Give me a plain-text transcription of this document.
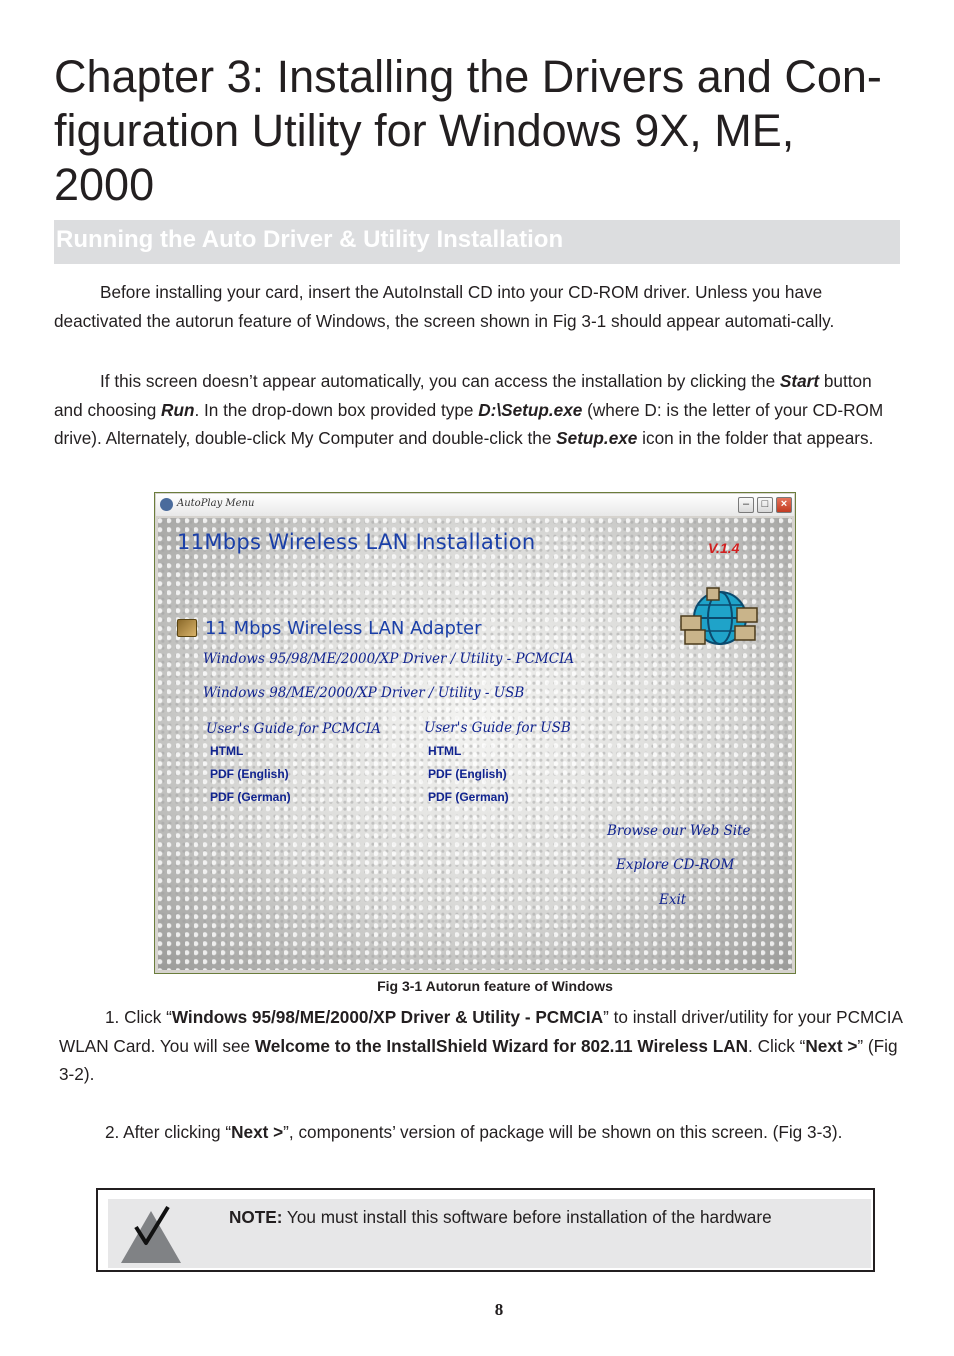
Chapter 3: Installing the Drivers and Con-
figuration Utility for Windows 9X, ME,
2000
Running the Auto Driver & Utility Installation

Before installing your card, insert the AutoInstall CD into your CD-ROM driver. Unless you have deactivated the autorun feature of Windows, the screen shown in Fig 3-1 should appear automati-cally.

If this screen doesn’t appear automatically, you can access the installation by clicking the Start button and choosing Run. In the drop-down box provided type D:\Setup.exe (where D: is the letter of your CD-ROM drive). Alternately, double-click My Computer and double-click the Setup.exe icon in the folder that appears.

AutoPlay Menu	–	□	×
11Mbps Wireless LAN Installation	V.1.4
11 Mbps Wireless LAN Adapter
Windows 95/98/ME/2000/XP Driver / Utility - PCMCIA
Windows 98/ME/2000/XP Driver / Utility - USB
User's Guide for PCMCIA	User's Guide for USB
HTML
PDF (English)
PDF (German)
HTML
PDF (English)
PDF (German)
Browse our Web Site
Explore CD-ROM
Exit
Fig 3-1 Autorun feature of Windows

1. Click “Windows 95/98/ME/2000/XP Driver & Utility - PCMCIA” to install driver/utility for your PCMCIA WLAN Card. You will see Welcome to the InstallShield Wizard for 802.11 Wireless LAN. Click “Next >” (Fig 3-2).

2. After clicking “Next >”, components’ version of package will be shown on this screen. (Fig 3-3).

NOTE: You must install this software before installation of the hardware
8
